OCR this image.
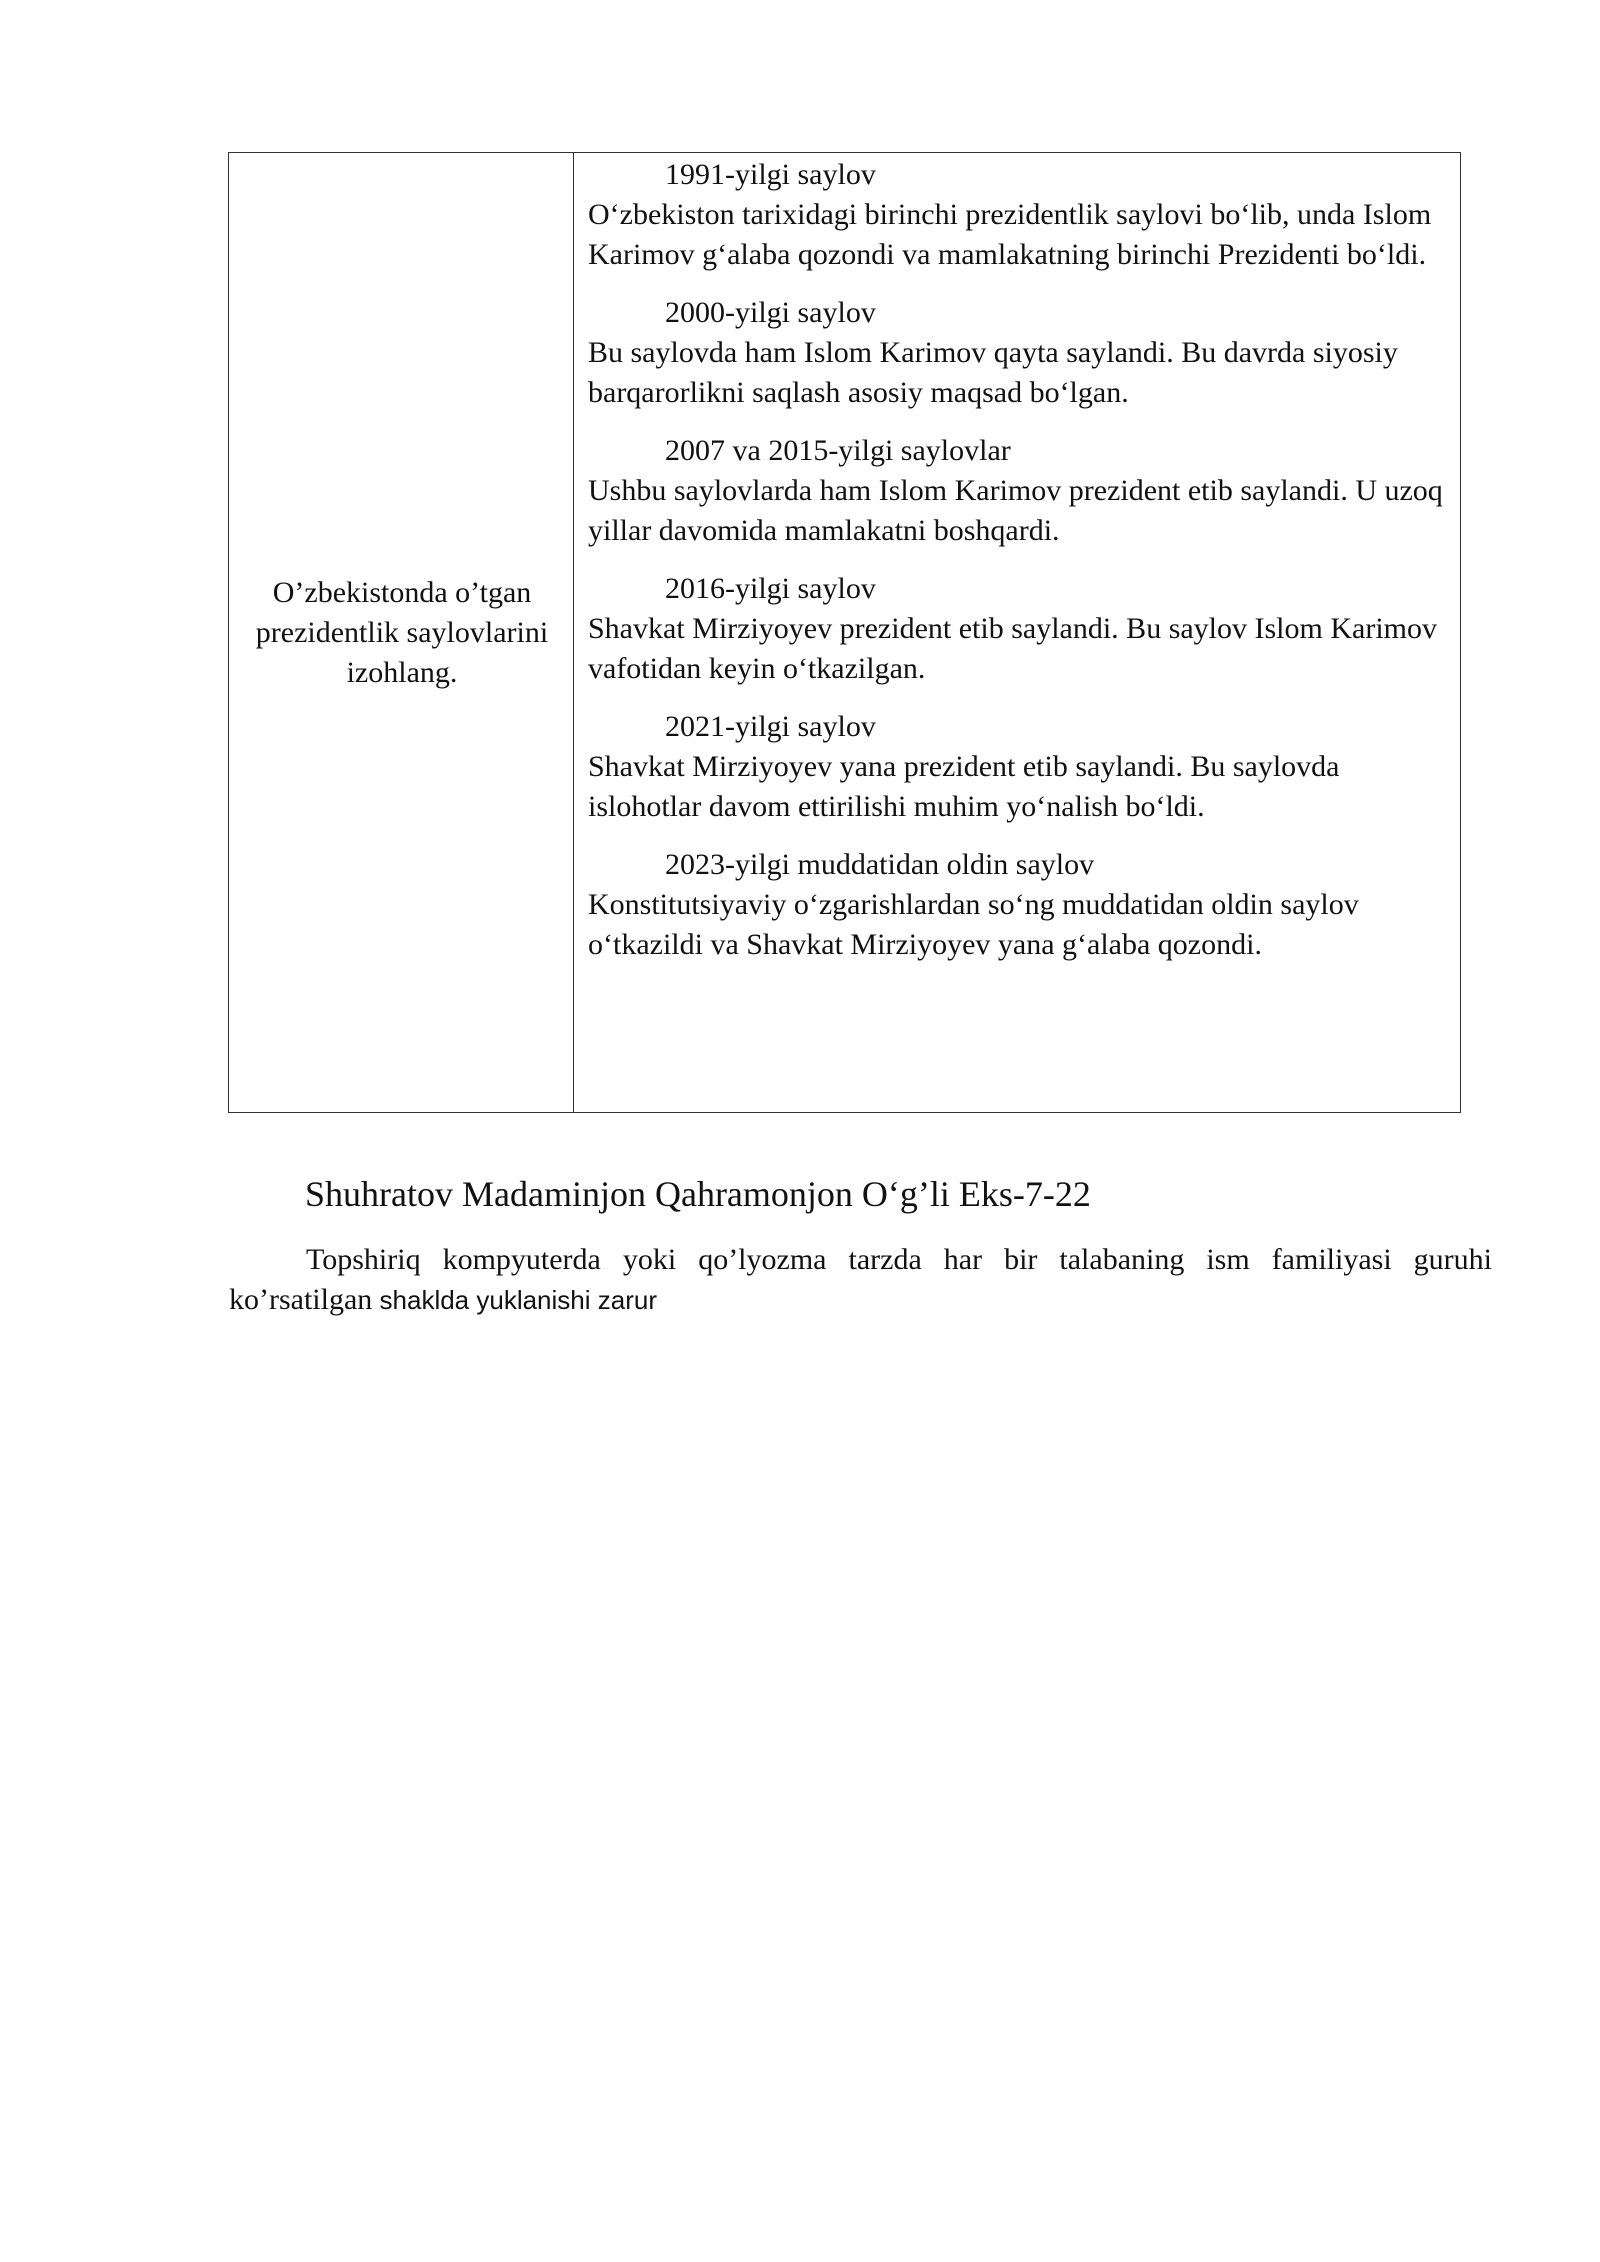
O’zbekistonda o’tgan prezidentlik saylovlarini izohlang.

1991-yilgi saylov
O‘zbekiston tarixidagi birinchi prezidentlik saylovi bo‘lib, unda Islom Karimov g‘alaba qozondi va mamlakatning birinchi Prezidenti bo‘ldi.
2000-yilgi saylov
Bu saylovda ham Islom Karimov qayta saylandi. Bu davrda siyosiy barqarorlikni saqlash asosiy maqsad bo‘lgan.
2007 va 2015-yilgi saylovlar
Ushbu saylovlarda ham Islom Karimov prezident etib saylandi. U uzoq yillar davomida mamlakatni boshqardi.
2016-yilgi saylov
Shavkat Mirziyoyev prezident etib saylandi. Bu saylov Islom Karimov vafotidan keyin o‘tkazilgan.
2021-yilgi saylov
Shavkat Mirziyoyev yana prezident etib saylandi. Bu saylovda islohotlar davom ettirilishi muhim yo‘nalish bo‘ldi.
2023-yilgi muddatidan oldin saylov
Konstitutsiyaviy o‘zgarishlardan so‘ng muddatidan oldin saylov o‘tkazildi va Shavkat Mirziyoyev yana g‘alaba qozondi.
Shuhratov Madaminjon Qahramonjon O‘g’li Eks-7-22
Topshiriq kompyuterda yoki qo’lyozma tarzda har bir talabaning ism familiyasi guruhi
ko’rsatilgan shaklda yuklanishi zarur
